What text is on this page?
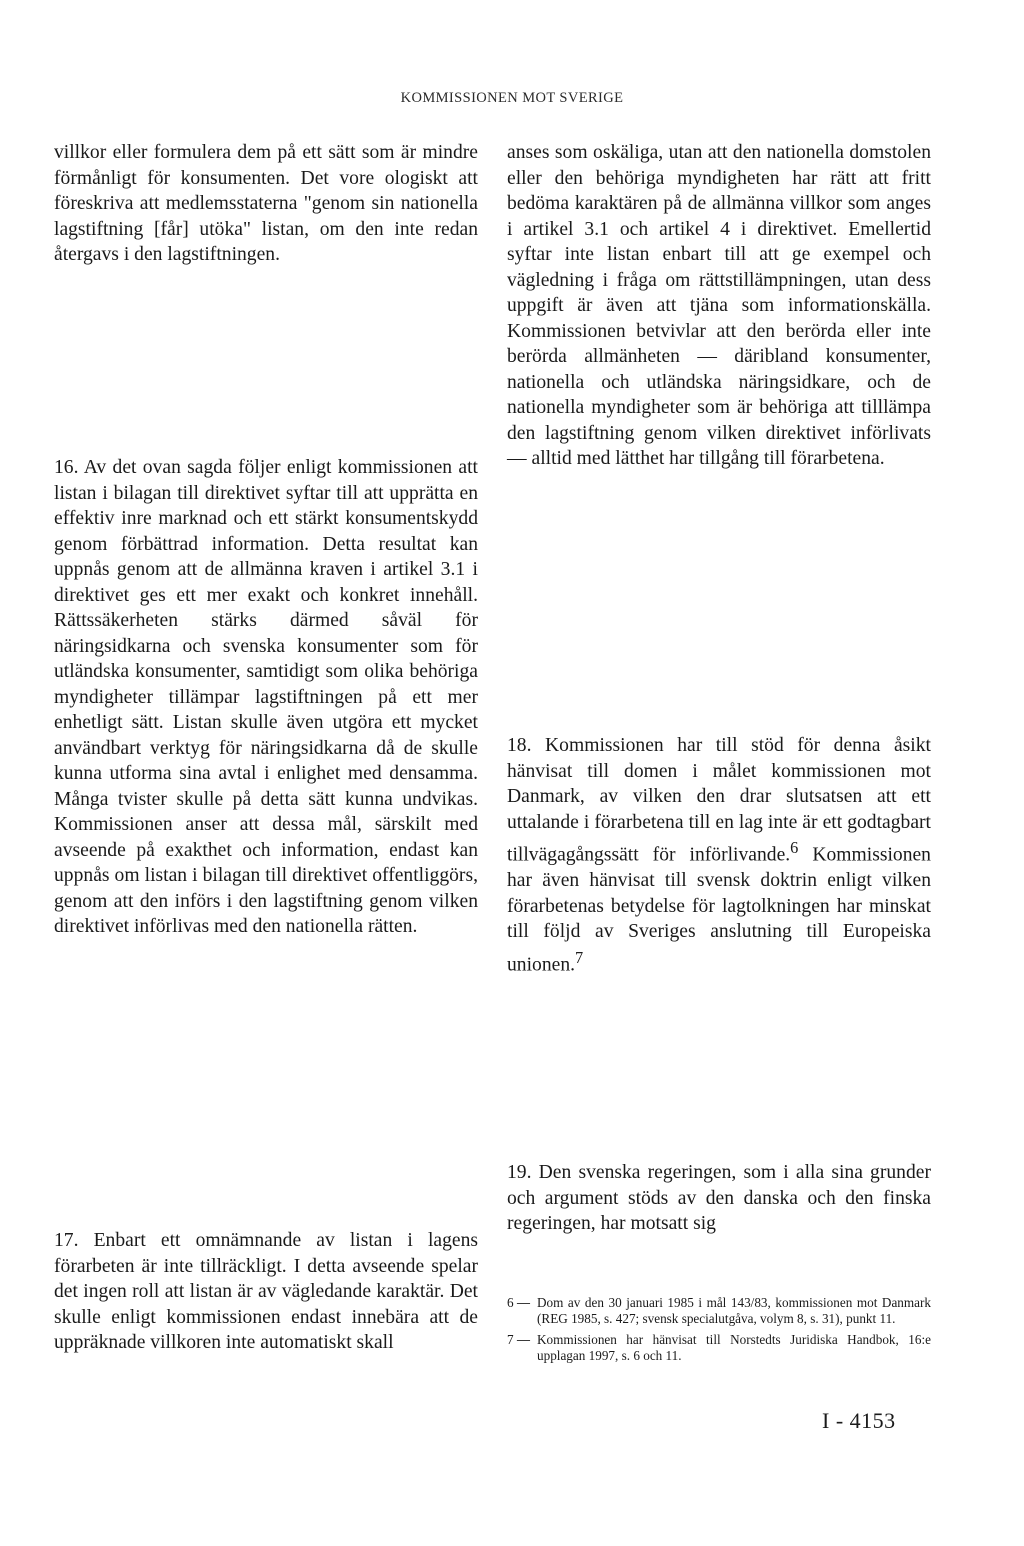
KOMMISSIONEN MOT SVERIGE

villkor eller formulera dem på ett sätt som är mindre förmånligt för konsumenten. Det vore ologiskt att föreskriva att medlemsstaterna "genom sin nationella lagstiftning [får] utöka" listan, om den inte redan återgavs i den lagstiftningen.

16. Av det ovan sagda följer enligt kommissionen att listan i bilagan till direktivet syftar till att upprätta en effektiv inre marknad och ett stärkt konsumentskydd genom förbättrad information. Detta resultat kan uppnås genom att de allmänna kraven i artikel 3.1 i direktivet ges ett mer exakt och konkret innehåll. Rättssäkerheten stärks därmed såväl för näringsidkarna och svenska konsumenter som för utländska konsumenter, samtidigt som olika behöriga myndigheter tillämpar lagstiftningen på ett mer enhetligt sätt. Listan skulle även utgöra ett mycket användbart verktyg för näringsidkarna då de skulle kunna utforma sina avtal i enlighet med densamma. Många tvister skulle på detta sätt kunna undvikas. Kommissionen anser att dessa mål, särskilt med avseende på exakthet och information, endast kan uppnås om listan i bilagan till direktivet offentliggörs, genom att den införs i den lagstiftning genom vilken direktivet införlivas med den nationella rätten.

17. Enbart ett omnämnande av listan i lagens förarbeten är inte tillräckligt. I detta avseende spelar det ingen roll att listan är av vägledande karaktär. Det skulle enligt kommissionen endast innebära att de uppräknade villkoren inte automatiskt skall

anses som oskäliga, utan att den nationella domstolen eller den behöriga myndigheten har rätt att fritt bedöma karaktären på de allmänna villkor som anges i artikel 3.1 och artikel 4 i direktivet. Emellertid syftar inte listan enbart till att ge exempel och vägledning i fråga om rättstillämpningen, utan dess uppgift är även att tjäna som informationskälla. Kommissionen betvivlar att den berörda eller inte berörda allmänheten — däribland konsumenter, nationella och utländska näringsidkare, och de nationella myndigheter som är behöriga att tilllämpa den lagstiftning genom vilken direktivet införlivats — alltid med lätthet har tillgång till förarbetena.

18. Kommissionen har till stöd för denna åsikt hänvisat till domen i målet kommissionen mot Danmark, av vilken den drar slutsatsen att ett uttalande i förarbetena till en lag inte är ett godtagbart tillvägagångssätt för införlivande.$^6$ Kommissionen har även hänvisat till svensk doktrin enligt vilken förarbetenas betydelse för lagtolkningen har minskat till följd av Sveriges anslutning till Europeiska unionen.$^7$

19. Den svenska regeringen, som i alla sina grunder och argument stöds av den danska och den finska regeringen, har motsatt sig

6 — Dom av den 30 januari 1985 i mål 143/83, kommissionen mot Danmark (REG 1985, s. 427; svensk specialutgåva, volym 8, s. 31), punkt 11.
7 — Kommissionen har hänvisat till Norstedts Juridiska Handbok, 16:e upplagan 1997, s. 6 och 11.
I - 4153
